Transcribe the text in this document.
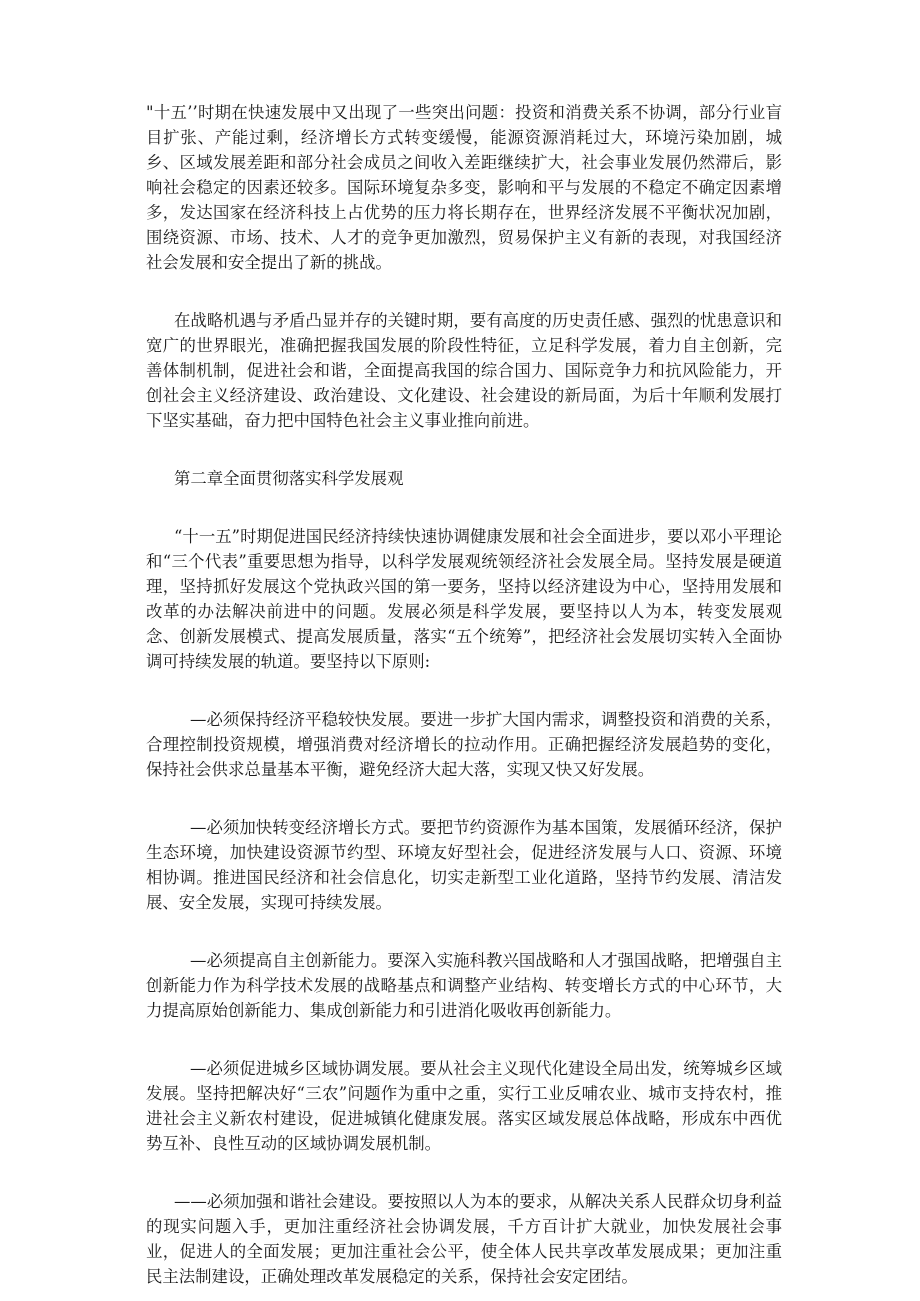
"十五’’时期在快速发展中又出现了一些突出问题：投资和消费关系不协调，部分行业盲目扩张、产能过剩，经济增长方式转变缓慢，能源资源消耗过大，环境污染加剧，城乡、区域发展差距和部分社会成员之间收入差距继续扩大，社会事业发展仍然滞后，影响社会稳定的因素还较多。国际环境复杂多变，影响和平与发展的不稳定不确定因素增多，发达国家在经济科技上占优势的压力将长期存在，世界经济发展不平衡状况加剧，围绕资源、市场、技术、人才的竞争更加激烈，贸易保护主义有新的表现，对我国经济社会发展和安全提出了新的挑战。

在战略机遇与矛盾凸显并存的关键时期，要有高度的历史责任感、强烈的忧患意识和宽广的世界眼光，准确把握我国发展的阶段性特征，立足科学发展，着力自主创新，完善体制机制，促进社会和谐，全面提高我国的综合国力、国际竞争力和抗风险能力，开创社会主义经济建设、政治建设、文化建设、社会建设的新局面，为后十年顺利发展打下坚实基础，奋力把中国特色社会主义事业推向前进。

第二章全面贯彻落实科学发展观

“十一五”时期促进国民经济持续快速协调健康发展和社会全面进步，要以邓小平理论和“三个代表”重要思想为指导，以科学发展观统领经济社会发展全局。坚持发展是硬道理，坚持抓好发展这个党执政兴国的第一要务，坚持以经济建设为中心，坚持用发展和改革的办法解决前进中的问题。发展必须是科学发展，要坚持以人为本，转变发展观念、创新发展模式、提高发展质量，落实“五个统筹”，把经济社会发展切实转入全面协调可持续发展的轨道。要坚持以下原则:

—必须保持经济平稳较快发展。要进一步扩大国内需求，调整投资和消费的关系，合理控制投资规模，增强消费对经济增长的拉动作用。正确把握经济发展趋势的变化，保持社会供求总量基本平衡，避免经济大起大落，实现又快又好发展。

—必须加快转变经济增长方式。要把节约资源作为基本国策，发展循环经济，保护生态环境，加快建设资源节约型、环境友好型社会，促进经济发展与人口、资源、环境相协调。推进国民经济和社会信息化，切实走新型工业化道路，坚持节约发展、清洁发展、安全发展，实现可持续发展。

—必须提高自主创新能力。要深入实施科教兴国战略和人才强国战略，把增强自主创新能力作为科学技术发展的战略基点和调整产业结构、转变增长方式的中心环节，大力提高原始创新能力、集成创新能力和引进消化吸收再创新能力。

—必须促进城乡区域协调发展。要从社会主义现代化建设全局出发，统筹城乡区域发展。坚持把解决好“三农”问题作为重中之重，实行工业反哺农业、城市支持农村，推进社会主义新农村建设，促进城镇化健康发展。落实区域发展总体战略，形成东中西优势互补、良性互动的区域协调发展机制。

——必须加强和谐社会建设。要按照以人为本的要求，从解决关系人民群众切身利益的现实问题入手，更加注重经济社会协调发展，千方百计扩大就业，加快发展社会事业，促进人的全面发展；更加注重社会公平，使全体人民共享改革发展成果；更加注重民主法制建设，正确处理改革发展稳定的关系，保持社会安定团结。
